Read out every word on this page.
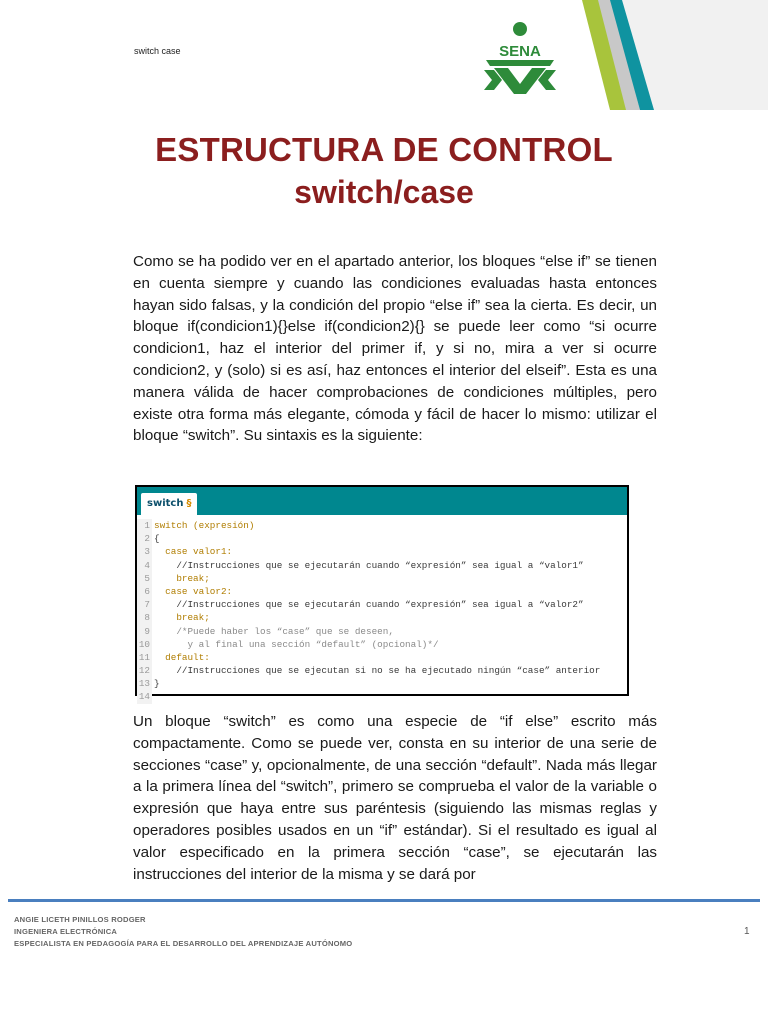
switch case	SENA
ESTRUCTURA DE CONTROL
switch/case
Como se ha podido ver en el apartado anterior, los bloques “else if” se tienen en cuenta siempre y cuando las condiciones evaluadas hasta entonces hayan sido falsas, y la condición del propio “else if” sea la cierta. Es decir, un bloque if(condicion1){}else if(condicion2){} se puede leer como “si ocurre condicion1, haz el interior del primer if, y si no, mira a ver si ocurre condicion2, y (solo) si es así, haz entonces el interior del elseif”. Esta es una manera válida de hacer comprobaciones de condiciones múltiples, pero existe otra forma más elegante, cómoda y fácil de hacer lo mismo: utilizar el bloque “switch”. Su sintaxis es la siguiente:
switch §
1 switch (expresión)
2 {
3 case valor1:
4 //Instrucciones que se ejecutarán cuando “expresión” sea igual a “valor1”
5 break;
6 case valor2:
7 //Instrucciones que se ejecutarán cuando “expresión” sea igual a “valor2”
8 break;
9 /*Puede haber los “case” que se deseen,
10 y al final una sección “default” (opcional)*/
11 default:
12 //Instrucciones que se ejecutan si no se ha ejecutado ningún “case” anterior
13 }
14
Un bloque “switch” es como una especie de “if else” escrito más compactamente. Como se puede ver, consta en su interior de una serie de secciones “case” y, opcionalmente, de una sección “default”. Nada más llegar a la primera línea del “switch”, primero se comprueba el valor de la variable o expresión que haya entre sus paréntesis (siguiendo las mismas reglas y operadores posibles usados en un “if” estándar). Si el resultado es igual al valor especificado en la primera sección “case”, se ejecutarán las instrucciones del interior de la misma y se dará por
ANGIE LICETH PINILLOS RODGER
INGENIERA ELECTRÓNICA
ESPECIALISTA EN PEDAGOGÍA PARA EL DESARROLLO DEL APRENDIZAJE AUTÓNOMO
1
